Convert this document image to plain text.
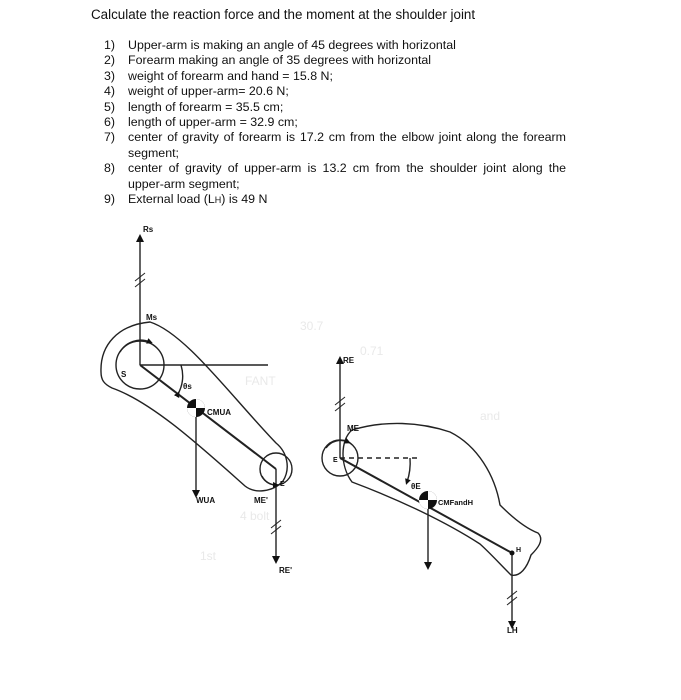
Calculate the reaction force and the moment at the shoulder joint
1)	Upper-arm is making an angle of 45 degrees with horizontal
2)	Forearm making an angle of 35 degrees with horizontal
3)	weight of forearm and hand = 15.8 N;
4)	weight of upper-arm= 20.6 N;
5)	length of forearm = 35.5 cm;
6)	length of upper-arm = 32.9 cm;
7)	center of gravity of forearm is 17.2 cm from the elbow joint along the forearm segment;
8)	center of gravity of upper-arm is 13.2 cm from the shoulder joint along the upper-arm segment;
9)	External load (LH) is 49 N
30.7
0.71
FANT
and
4 bolt
1st
Rs
Ms
S
θs
CMUA
WUA
E
ME'
RE'
RE
ME
E
θE
CMFandH
H
LH
